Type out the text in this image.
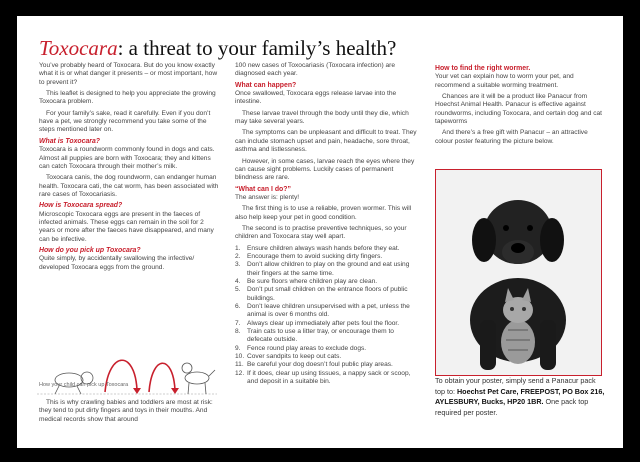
Toxocara: a threat to your family’s health?

You’ve probably heard of Toxocara. But do you know exactly what it is or what danger it presents – or most important, how to prevent it?

This leaflet is designed to help you appreciate the growing Toxocara problem.

For your family’s sake, read it carefully. Even if you don’t have a pet, we strongly recommend you take some of the steps mentioned later on.

What is Toxocara?

Toxocara is a roundworm commonly found in dogs and cats. Almost all puppies are born with Toxocara; they and kittens can catch Toxocara through their mother’s milk.

Toxocara canis, the dog roundworm, can endanger human health. Toxocara cati, the cat worm, has been associated with rare cases of Toxocariasis.

How is Toxocara spread?

Microscopic Toxocara eggs are present in the faeces of infected animals. These eggs can remain in the soil for 2 years or more after the faeces have disappeared, and many can be infective.

How do you pick up Toxocara?

Quite simply, by accidentally swallowing the infective/ developed Toxocara eggs from the ground.

How your child can pick up Toxocara

This is why crawling babies and toddlers are most at risk: they tend to put dirty fingers and toys in their mouths. And medical records show that around

100 new cases of Toxocariasis (Toxocara infection) are diagnosed each year.

What can happen?

Once swallowed, Toxocara eggs release larvae into the intestine.

These larvae travel through the body until they die, which may take several years.

The symptoms can be unpleasant and difficult to treat. They can include stomach upset and pain, headache, sore throat, asthma and listlessness.

However, in some cases, larvae reach the eyes where they can cause sight problems. Luckily cases of permanent blindness are rare.

“What can I do?”

The answer is: plenty!

The first thing is to use a reliable, proven wormer. This will also help keep your pet in good condition.

The second is to practise preventive techniques, so your children and Toxocara stay well apart.

1. Ensure children always wash hands before they eat.
2. Encourage them to avoid sucking dirty fingers.
3. Don’t allow children to play on the ground and eat using their fingers at the same time.
4. Be sure floors where children play are clean.
5. Don’t put small children on the entrance floors of public buildings.
6. Don’t leave children unsupervised with a pet, unless the animal is over 6 months old.
7. Always clear up immediately after pets foul the floor.
8. Train cats to use a litter tray, or encourage them to defecate outside.
9. Fence round play areas to exclude dogs.
10. Cover sandpits to keep out cats.
11. Be careful your dog doesn’t foul public play areas.
12. If it does, clear up using tissues, a nappy sack or scoop, and deposit in a suitable bin.
How to find the right wormer.

Your vet can explain how to worm your pet, and recommend a suitable worming treatment.

Chances are it will be a product like Panacur from Hoechst Animal Health. Panacur is effective against roundworms, including Toxocara, and certain dog and cat tapeworms

And there’s a free gift with Panacur – an attractive colour poster featuring the picture below.

To obtain your poster, simply send a Panacur pack top to: Hoechst Pet Care, FREEPOST, PO Box 216, AYLESBURY, Bucks, HP20 1BR. One pack top required per poster.
